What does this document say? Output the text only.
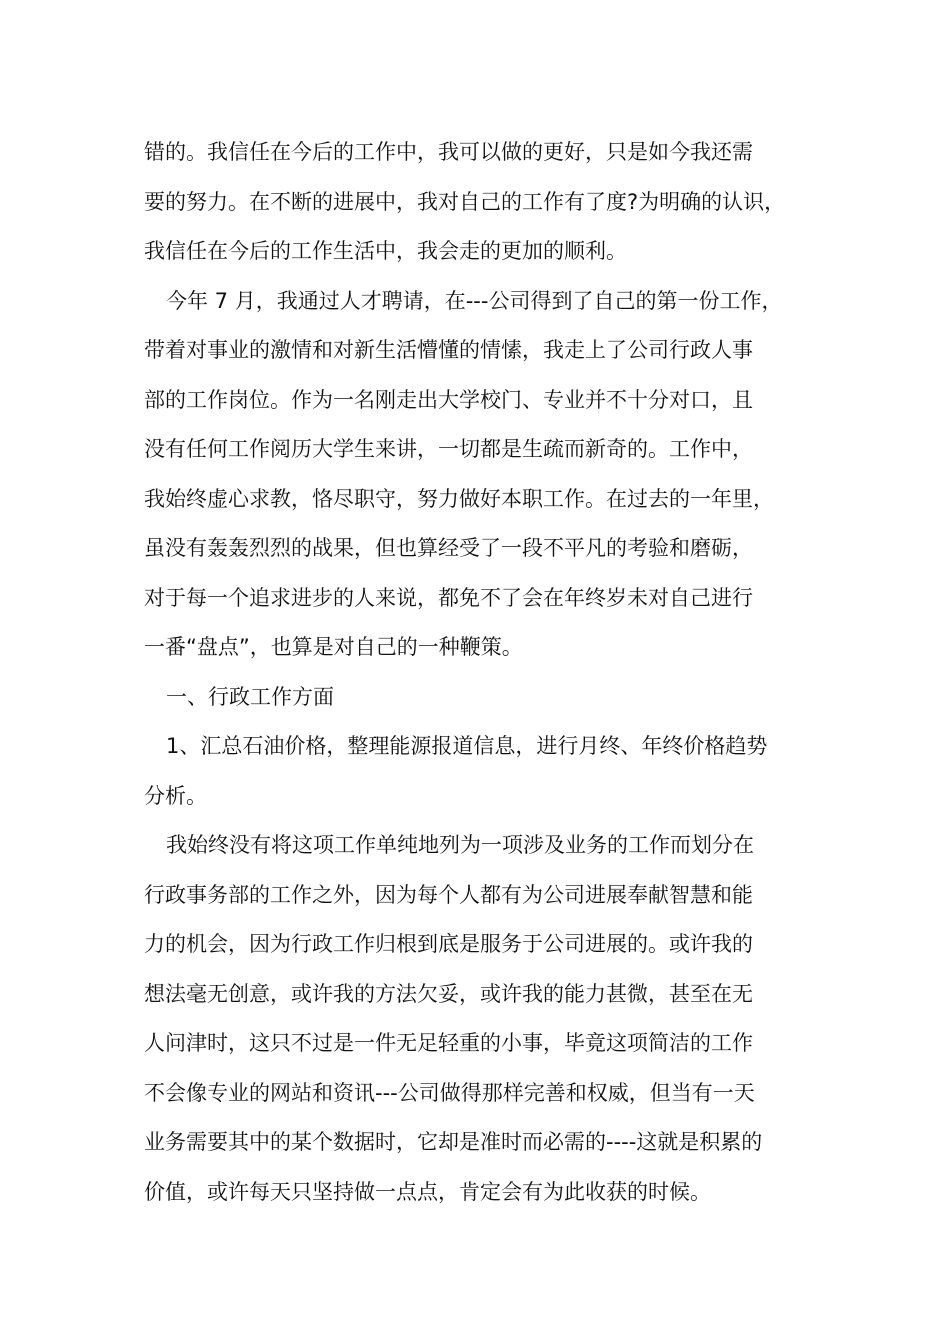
错的。我信任在今后的工作中，我可以做的更好，只是如今我还需
要的努力。在不断的进展中，我对自己的工作有了度?为明确的认识，
我信任在今后的工作生活中，我会走的更加的顺利。
今年 7 月，我通过人才聘请，在---公司得到了自己的第一份工作，
带着对事业的激情和对新生活懵懂的情愫，我走上了公司行政人事
部的工作岗位。作为一名刚走出大学校门、专业并不十分对口，且
没有任何工作阅历大学生来讲，一切都是生疏而新奇的。工作中，
我始终虚心求教，恪尽职守，努力做好本职工作。在过去的一年里，
虽没有轰轰烈烈的战果，但也算经受了一段不平凡的考验和磨砺，
对于每一个追求进步的人来说，都免不了会在年终岁未对自己进行
一番“盘点”，也算是对自己的一种鞭策。
一、行政工作方面
1、汇总石油价格，整理能源报道信息，进行月终、年终价格趋势
分析。
我始终没有将这项工作单纯地列为一项涉及业务的工作而划分在
行政事务部的工作之外，因为每个人都有为公司进展奉献智慧和能
力的机会，因为行政工作归根到底是服务于公司进展的。或许我的
想法毫无创意，或许我的方法欠妥，或许我的能力甚微，甚至在无
人问津时，这只不过是一件无足轻重的小事，毕竟这项简洁的工作
不会像专业的网站和资讯---公司做得那样完善和权威，但当有一天
业务需要其中的某个数据时，它却是准时而必需的----这就是积累的
价值，或许每天只坚持做一点点，肯定会有为此收获的时候。
